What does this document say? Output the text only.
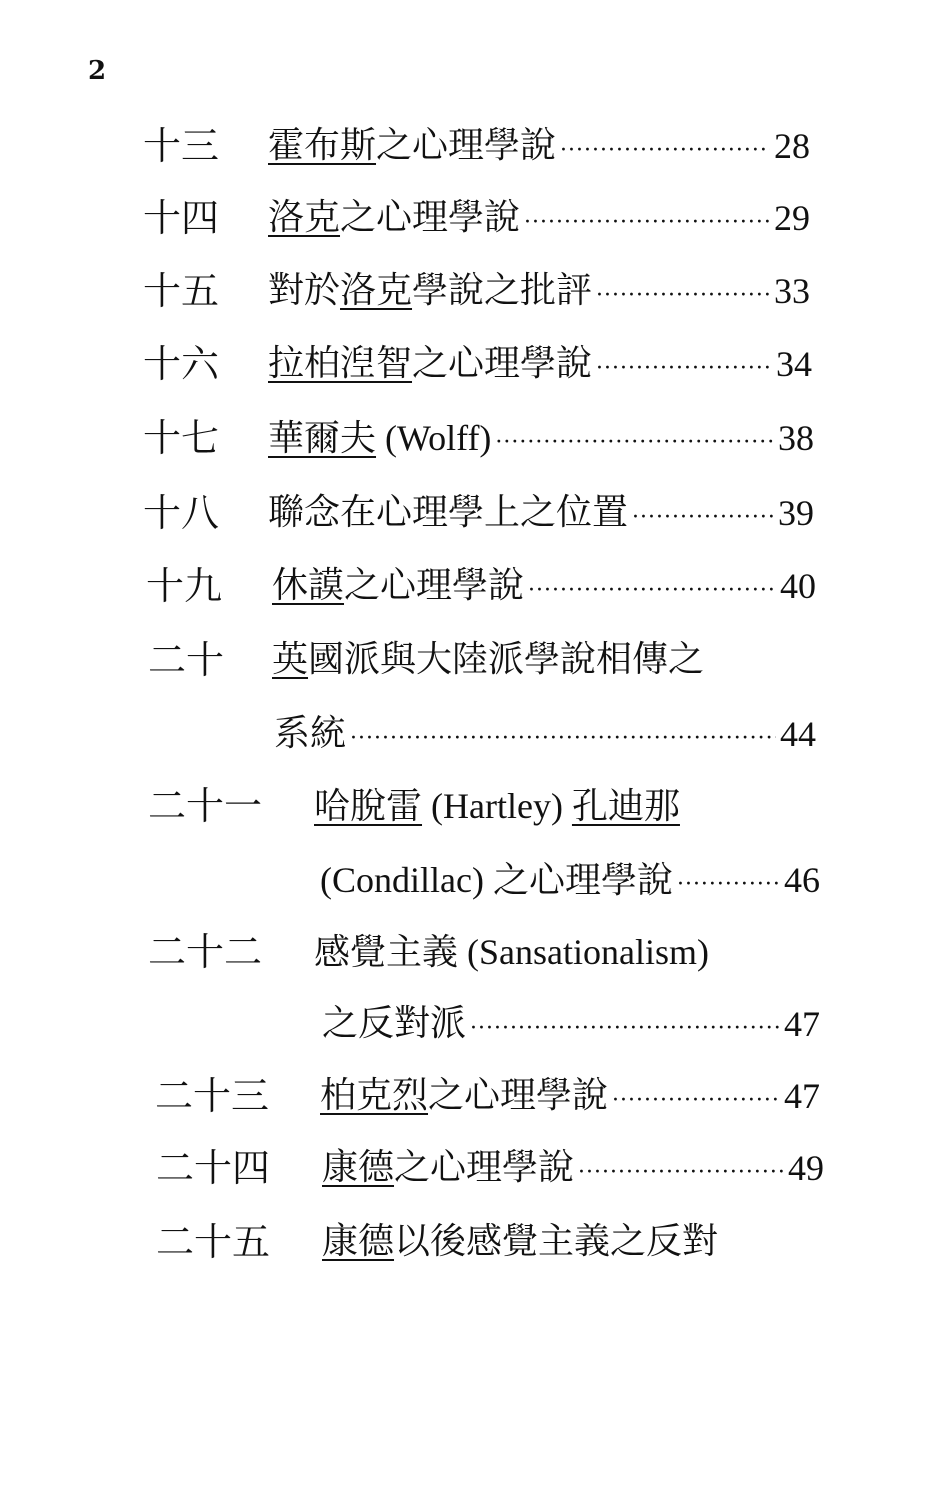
2
十三 霍布斯之心理學說 ·····	28
十四 洛克之心理學說 ·····	29
十五 對於洛克學說之批評 ·····	33
十六 拉柏湼智之心理學說 ·····	34
十七 華爾夫 (Wolff) ·····	38
十八 聯念在心理學上之位置 ·····	39
十九 休謨之心理學說 ·····	40
二十 英國派與大陸派學說相傳之
系統 ·····	44
二十一 哈脫雷 (Hartley) 孔迪那
(Condillac) 之心理學說 ·····	46
二十二 感覺主義 (Sansationalism)
之反對派 ·····	47
二十三 柏克烈之心理學說 ·····	47
二十四 康德之心理學說 ·····	49
二十五 康德以後感覺主義之反對
